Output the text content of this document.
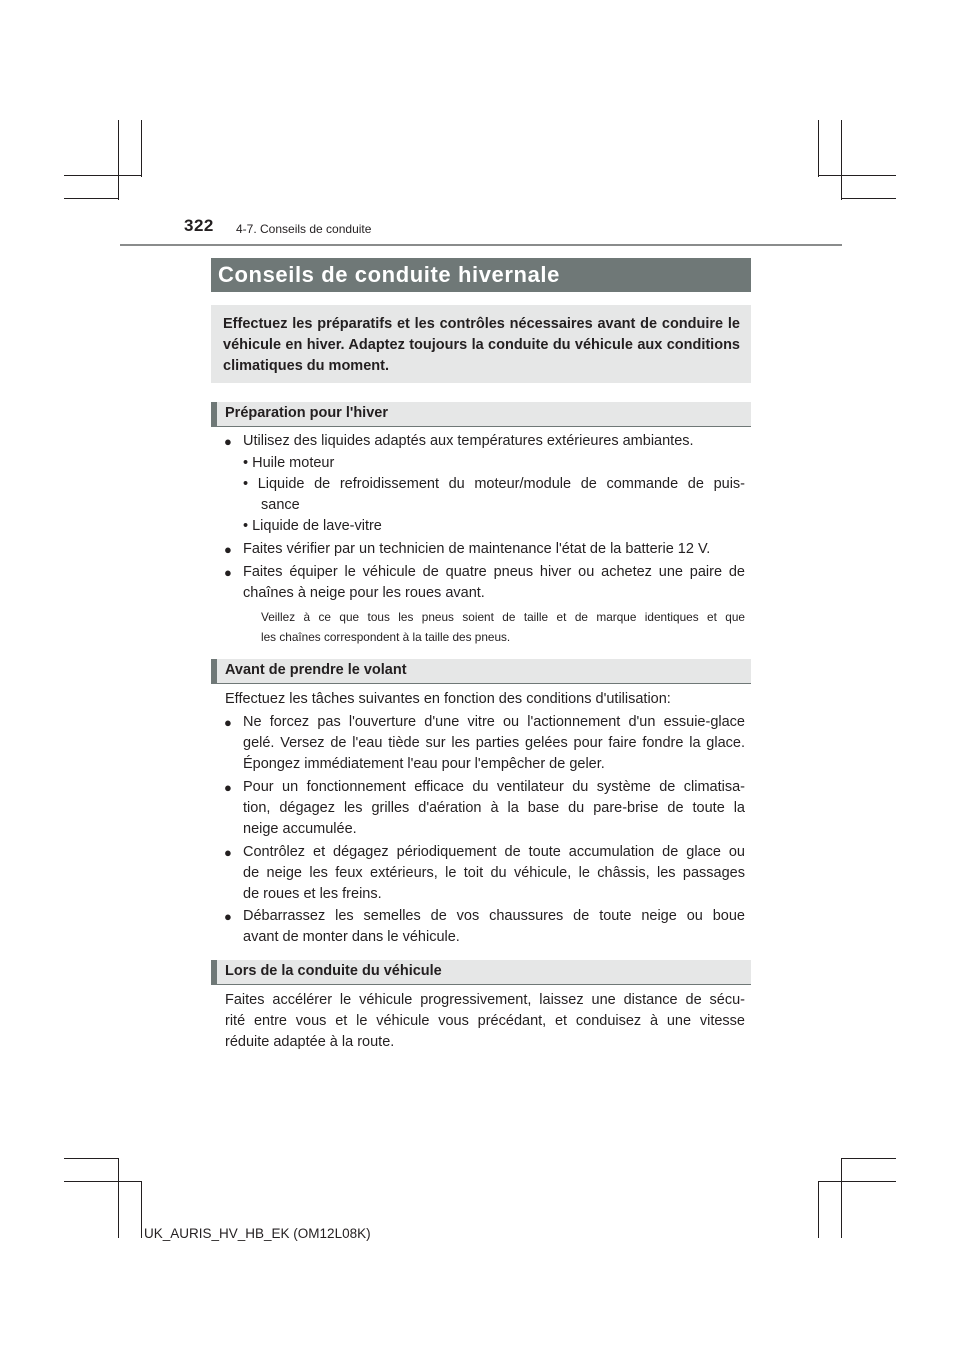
322 4-7. Conseils de conduite
Conseils de conduite hivernale

Effectuez les préparatifs et les contrôles nécessaires avant de conduire le véhicule en hiver. Adaptez toujours la conduite du véhicule aux conditions climatiques du moment.

Préparation pour l'hiver
● Utilisez des liquides adaptés aux températures extérieures ambiantes.
• Huile moteur
• Liquide de refroidissement du moteur/module de commande de puis-
sance
• Liquide de lave-vitre
● Faites vérifier par un technicien de maintenance l'état de la batterie 12 V.
● Faites équiper le véhicule de quatre pneus hiver ou achetez une paire de
chaînes à neige pour les roues avant.
Veillez à ce que tous les pneus soient de taille et de marque identiques et que
les chaînes correspondent à la taille des pneus.
Avant de prendre le volant
Effectuez les tâches suivantes en fonction des conditions d'utilisation:
● Ne forcez pas l'ouverture d'une vitre ou l'actionnement d'un essuie-glace
gelé. Versez de l'eau tiède sur les parties gelées pour faire fondre la glace.
Épongez immédiatement l'eau pour l'empêcher de geler.
● Pour un fonctionnement efficace du ventilateur du système de climatisa-
tion, dégagez les grilles d'aération à la base du pare-brise de toute la
neige accumulée.
● Contrôlez et dégagez périodiquement de toute accumulation de glace ou
de neige les feux extérieurs, le toit du véhicule, le châssis, les passages
de roues et les freins.
● Débarrassez les semelles de vos chaussures de toute neige ou boue
avant de monter dans le véhicule.
Lors de la conduite du véhicule
Faites accélérer le véhicule progressivement, laissez une distance de sécu-
rité entre vous et le véhicule vous précédant, et conduisez à une vitesse
réduite adaptée à la route.
UK_AURIS_HV_HB_EK (OM12L08K)
